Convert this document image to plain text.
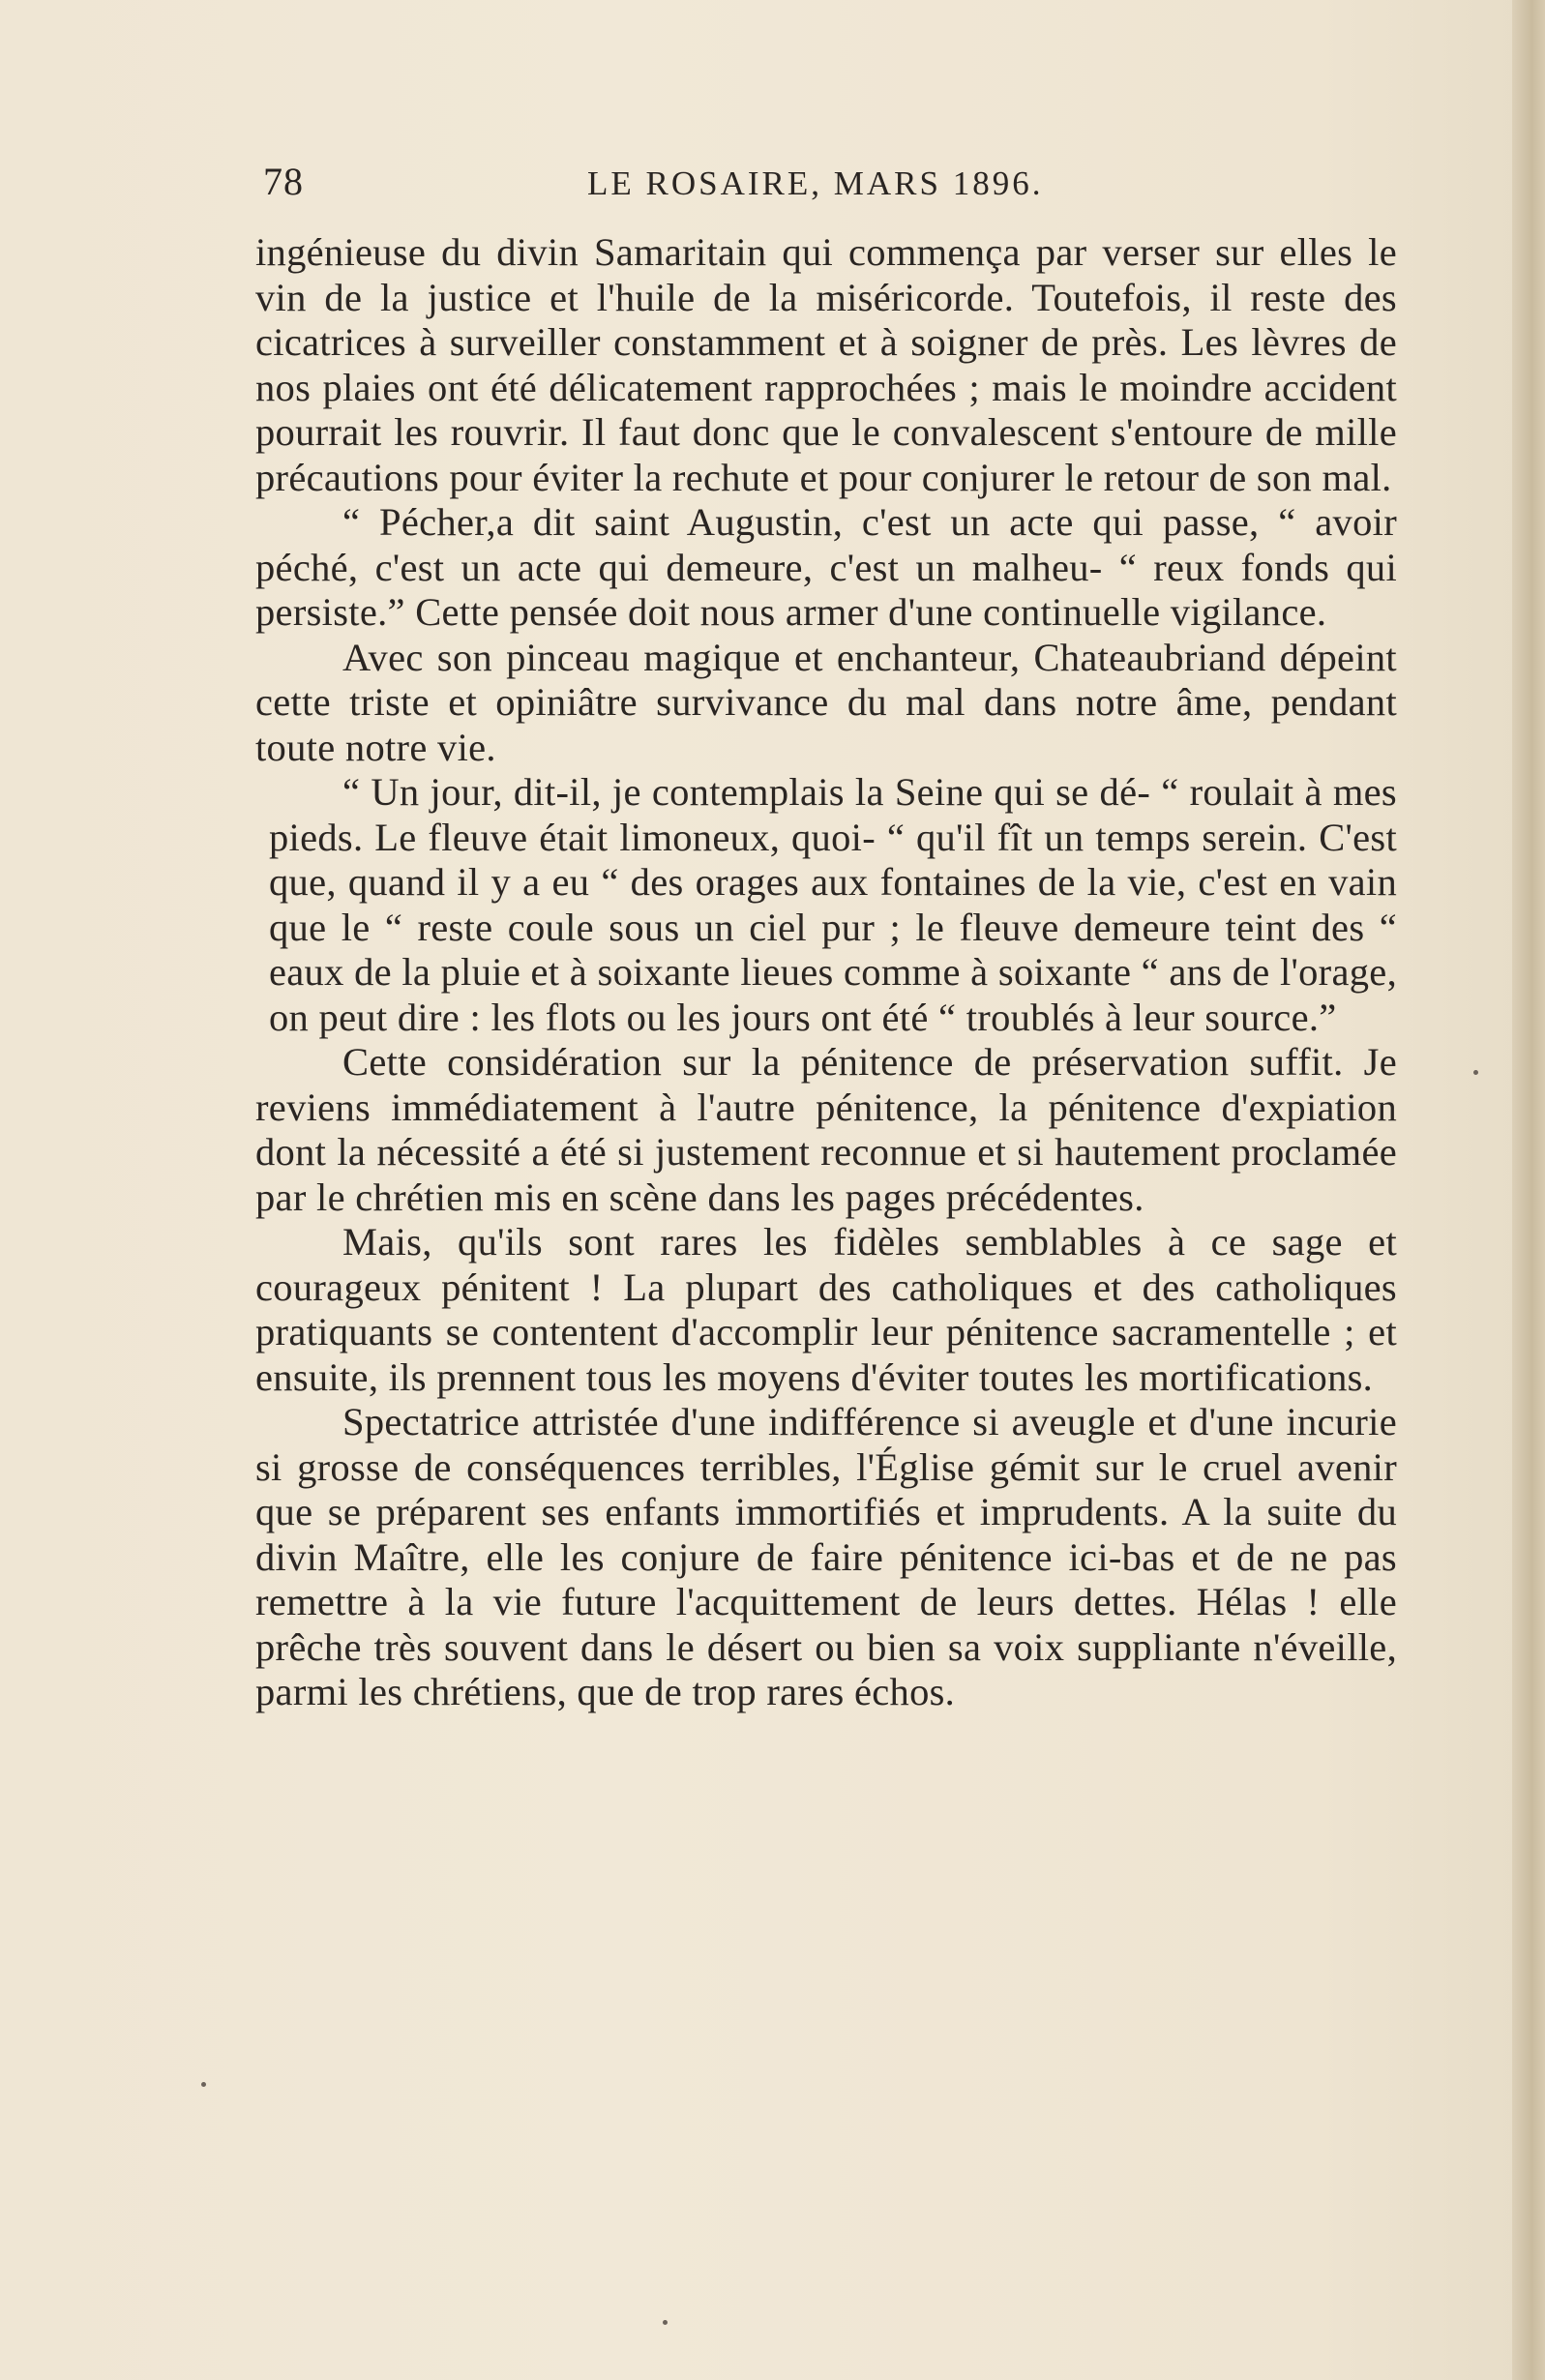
78	LE ROSAIRE, MARS 1896.

ingénieuse du divin Samaritain qui commença par verser sur elles le vin de la justice et l'huile de la miséricorde. Toutefois, il reste des cicatrices à surveiller constamment et à soigner de près. Les lèvres de nos plaies ont été délicatement rapprochées ; mais le moindre accident pourrait les rouvrir. Il faut donc que le convalescent s'entoure de mille précautions pour éviter la rechute et pour conjurer le retour de son mal.

“ Pécher,a dit saint Augustin, c'est un acte qui passe, “ avoir péché, c'est un acte qui demeure, c'est un malheu- “ reux fonds qui persiste.” Cette pensée doit nous armer d'une continuelle vigilance.

Avec son pinceau magique et enchanteur, Chateaubriand dépeint cette triste et opiniâtre survivance du mal dans notre âme, pendant toute notre vie.

“ Un jour, dit-il, je contemplais la Seine qui se dé- “ roulait à mes pieds. Le fleuve était limoneux, quoi- “ qu'il fît un temps serein. C'est que, quand il y a eu “ des orages aux fontaines de la vie, c'est en vain que le “ reste coule sous un ciel pur ; le fleuve demeure teint des “ eaux de la pluie et à soixante lieues comme à soixante “ ans de l'orage, on peut dire : les flots ou les jours ont été “ troublés à leur source.”

Cette considération sur la pénitence de préservation suffit. Je reviens immédiatement à l'autre pénitence, la pénitence d'expiation dont la nécessité a été si justement reconnue et si hautement proclamée par le chrétien mis en scène dans les pages précédentes.

Mais, qu'ils sont rares les fidèles semblables à ce sage et courageux pénitent ! La plupart des catholiques et des catholiques pratiquants se contentent d'accomplir leur pénitence sacramentelle ; et ensuite, ils prennent tous les moyens d'éviter toutes les mortifications.

Spectatrice attristée d'une indifférence si aveugle et d'une incurie si grosse de conséquences terribles, l'Église gémit sur le cruel avenir que se préparent ses enfants immortifiés et imprudents. A la suite du divin Maître, elle les conjure de faire pénitence ici-bas et de ne pas remettre à la vie future l'acquittement de leurs dettes. Hélas ! elle prêche très souvent dans le désert ou bien sa voix suppliante n'éveille, parmi les chrétiens, que de trop rares échos.
